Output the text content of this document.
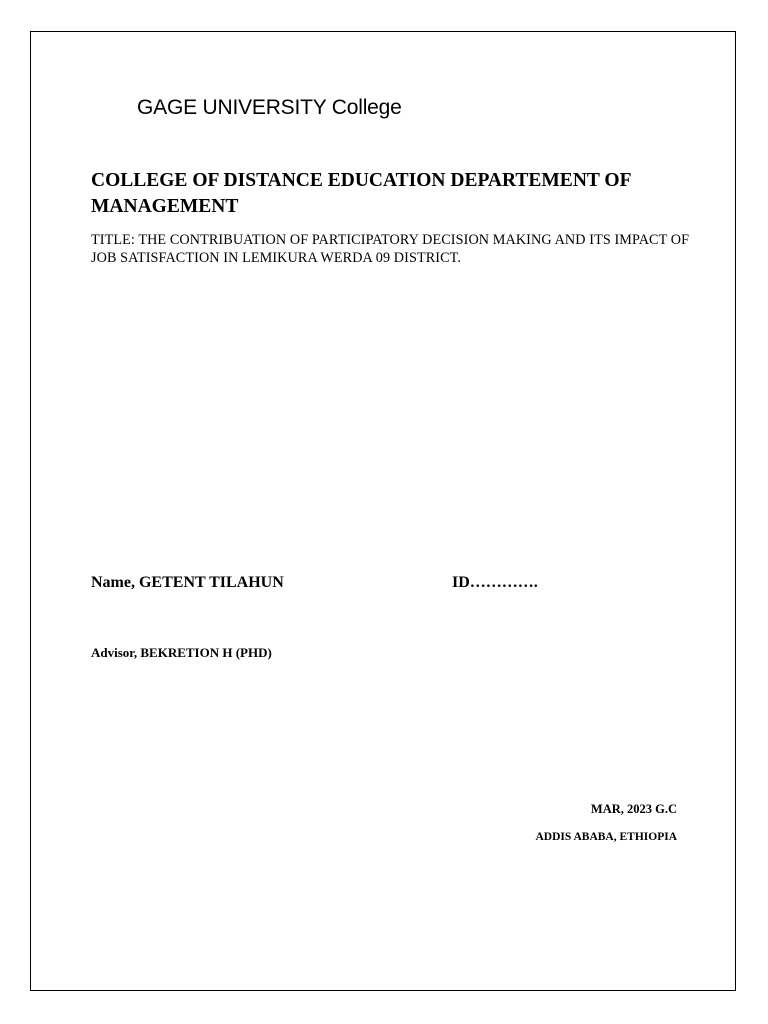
GAGE UNIVERSITY College
COLLEGE OF DISTANCE EDUCATION DEPARTEMENT OF MANAGEMENT

TITLE: THE CONTRIBUATION OF PARTICIPATORY DECISION MAKING AND ITS IMPACT OF JOB SATISFACTION IN LEMIKURA WERDA 09 DISTRICT.

Name, GETENT TILAHUN	ID………….
Advisor, BEKRETION H (PHD)
MAR, 2023 G.C
ADDIS ABABA, ETHIOPIA
